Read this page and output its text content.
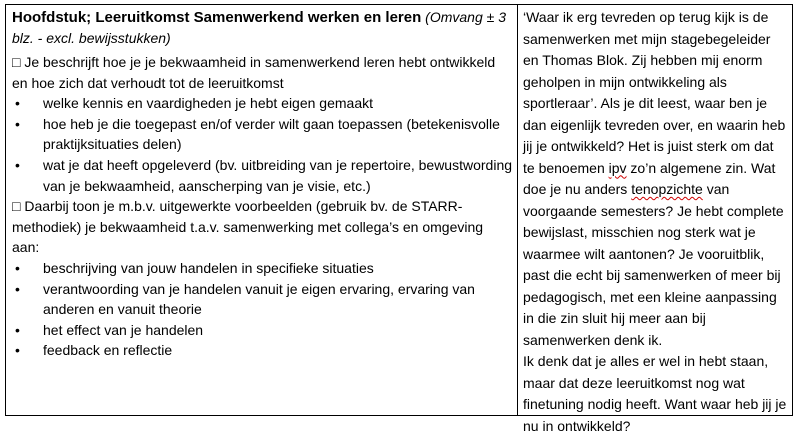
Hoofdstuk; Leeruitkomst Samenwerkend werken en leren (Omvang ± 3 blz. - excl. bewijsstukken)

□ Je beschrijft hoe je je bekwaamheid in samenwerkend leren hebt ontwikkeld en hoe zich dat verhoudt tot de leeruitkomst

• welke kennis en vaardigheden je hebt eigen gemaakt
• hoe heb je die toegepast en/of verder wilt gaan toepassen (betekenisvolle praktijksituaties delen)
• wat je dat heeft opgeleverd (bv. uitbreiding van je repertoire, bewustwording van je bekwaamheid, aanscherping van je visie, etc.)

□ Daarbij toon je m.b.v. uitgewerkte voorbeelden (gebruik bv. de STARR-methodiek) je bekwaamheid t.a.v. samenwerking met collega’s en omgeving aan:

• beschrijving van jouw handelen in specifieke situaties
• verantwoording van je handelen vanuit je eigen ervaring, ervaring van anderen en vanuit theorie
• het effect van je handelen
• feedback en reflectie

‘Waar ik erg tevreden op terug kijk is de samenwerken met mijn stagebegeleider en Thomas Blok. Zij hebben mij enorm geholpen in mijn ontwikkeling als sportleraar’. Als je dit leest, waar ben je dan eigenlijk tevreden over, en waarin heb jij je ontwikkeld? Het is juist sterk om dat te benoemen ipv zo’n algemene zin. Wat doe je nu anders tenopzichte van voorgaande semesters? Je hebt complete bewijslast, misschien nog sterk wat je waarmee wilt aantonen? Je vooruitblik, past die echt bij samenwerken of meer bij pedagogisch, met een kleine aanpassing in die zin sluit hij meer aan bij samenwerken denk ik.

Ik denk dat je alles er wel in hebt staan, maar dat deze leeruitkomst nog wat finetuning nodig heeft. Want waar heb jij je nu in ontwikkeld?
